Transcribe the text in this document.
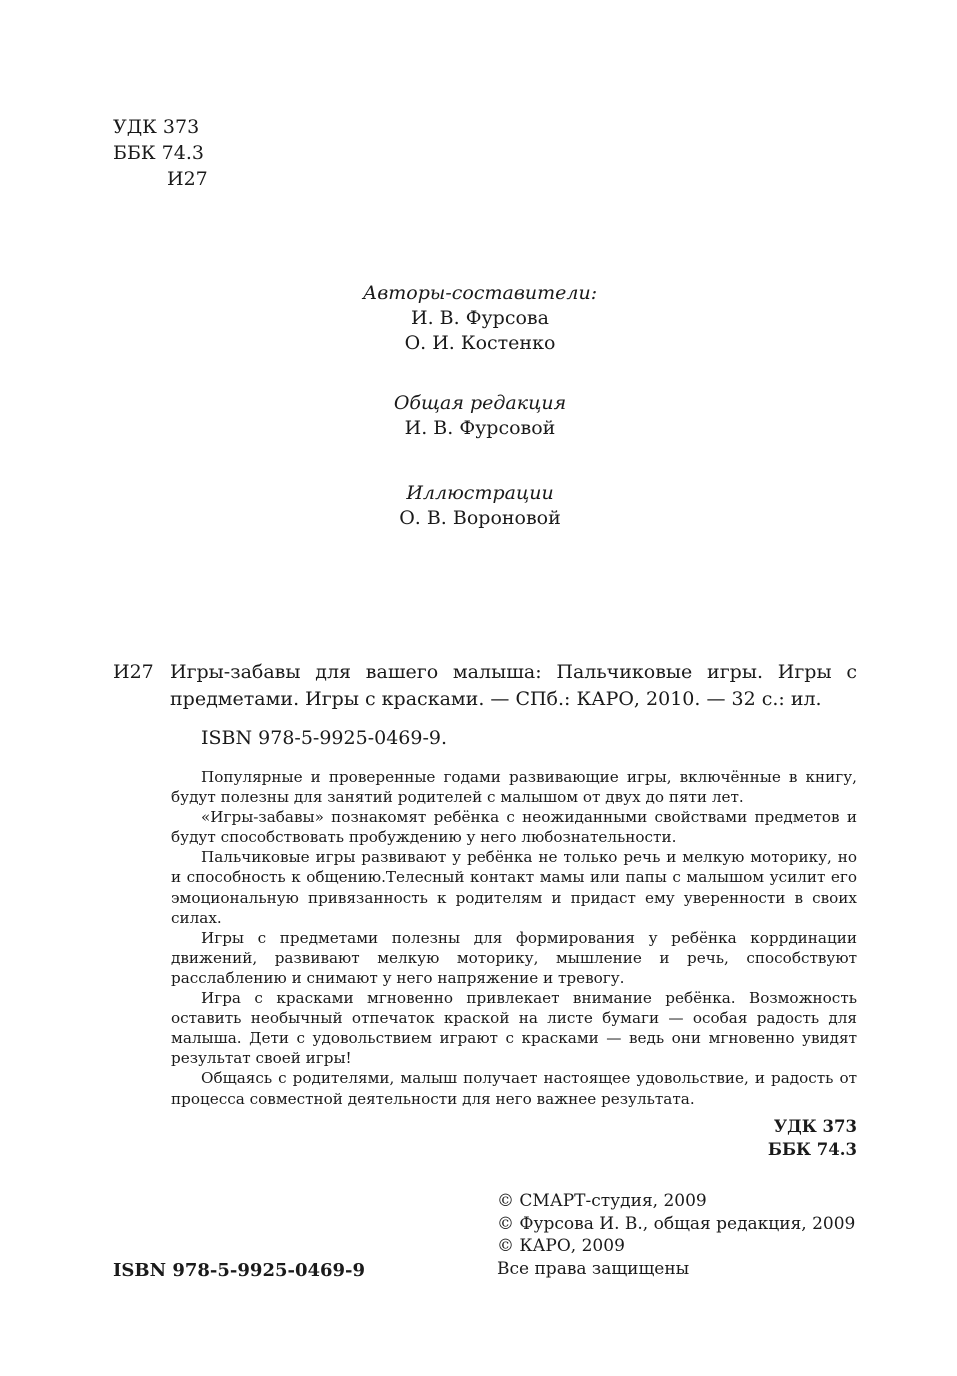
УДК 373
ББК 74.3
И27
Авторы-составители:
И. В. Фурсова
О. И. Костенко
Общая редакция
И. В. Фурсовой
Иллюстрации
О. В. Вороновой
И27 Игры-забавы для вашего малыша: Пальчиковые игры. Игры с предметами. Игры с красками. — СПб.: КАРО, 2010. — 32 с.: ил.
ISBN 978-5-9925-0469-9.

Популярные и проверенные годами развивающие игры, включённые в книгу, будут полезны для занятий родителей с малышом от двух до пяти лет.

«Игры-забавы» познакомят ребёнка с неожиданными свойствами предметов и будут способствовать пробуждению у него любознательности.

Пальчиковые игры развивают у ребёнка не только речь и мелкую моторику, но и способность к общению.Телесный контакт мамы или папы с малышом усилит его эмоциональную привязанность к родителям и придаст ему уверенности в своих силах.

Игры с предметами полезны для формирования у ребёнка коррдинации движений, развивают мелкую моторику, мышление и речь, способствуют расслаблению и снимают у него напряжение и тревогу.

Игра с красками мгновенно привлекает внимание ребёнка. Возможность оставить необычный отпечаток краской на листе бумаги — особая радость для малыша. Дети с удовольствием играют с красками — ведь они мгновенно увидят результат своей игры!

Общаясь с родителями, малыш получает настоящее удовольствие, и радость от процесса совместной деятельности для него важнее результата.

УДК 373
ББК 74.3
© СМАРТ-студия, 2009
© Фурсова И. В., общая редакция, 2009
© КАРО, 2009
Все права защищены
ISBN 978-5-9925-0469-9
